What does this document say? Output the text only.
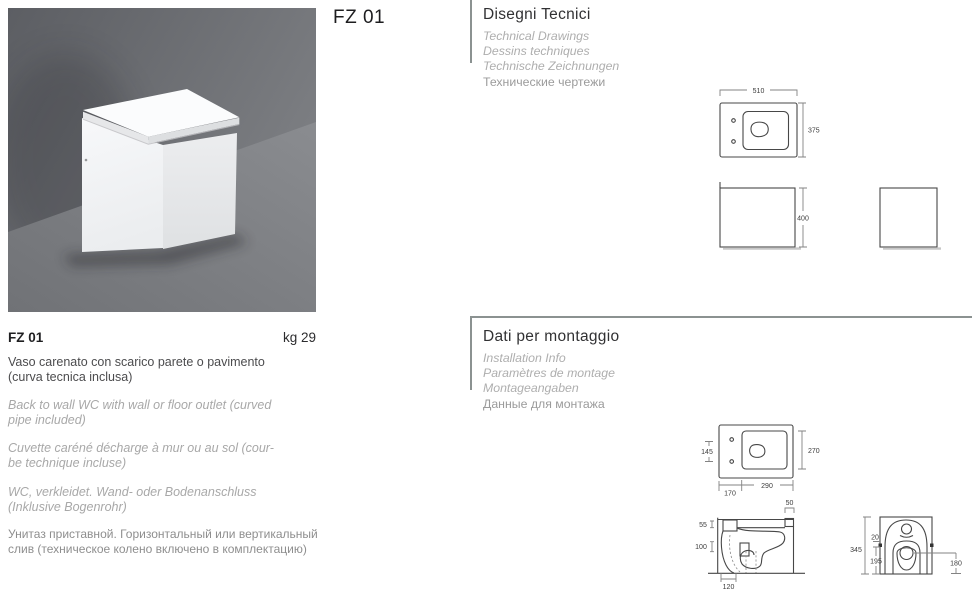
FZ 01	Disegni Tecnici
Technical Drawings
Dessins techniques
Technische Zeichnungen
Технические чертежи
Dati per montaggio
Installation Info
Paramètres de montage
Montageangaben
Данные для монтажа
510
375
400
145	270
170
290
50
55
100
120
345
20
195	180
FZ 01	kg 29

Vaso carenato con scarico parete o pavimento
(curva tecnica inclusa)

Back to wall WC with wall or floor outlet (curved
pipe included)

Cuvette caréné décharge à mur ou au sol (cour-
be technique incluse)

WC, verkleidet. Wand- oder Bodenanschluss
(Inklusive Bogenrohr)

Унитаз приставной. Горизонтальный или вертикальный
слив (техническое колено включено в комплектацию)
